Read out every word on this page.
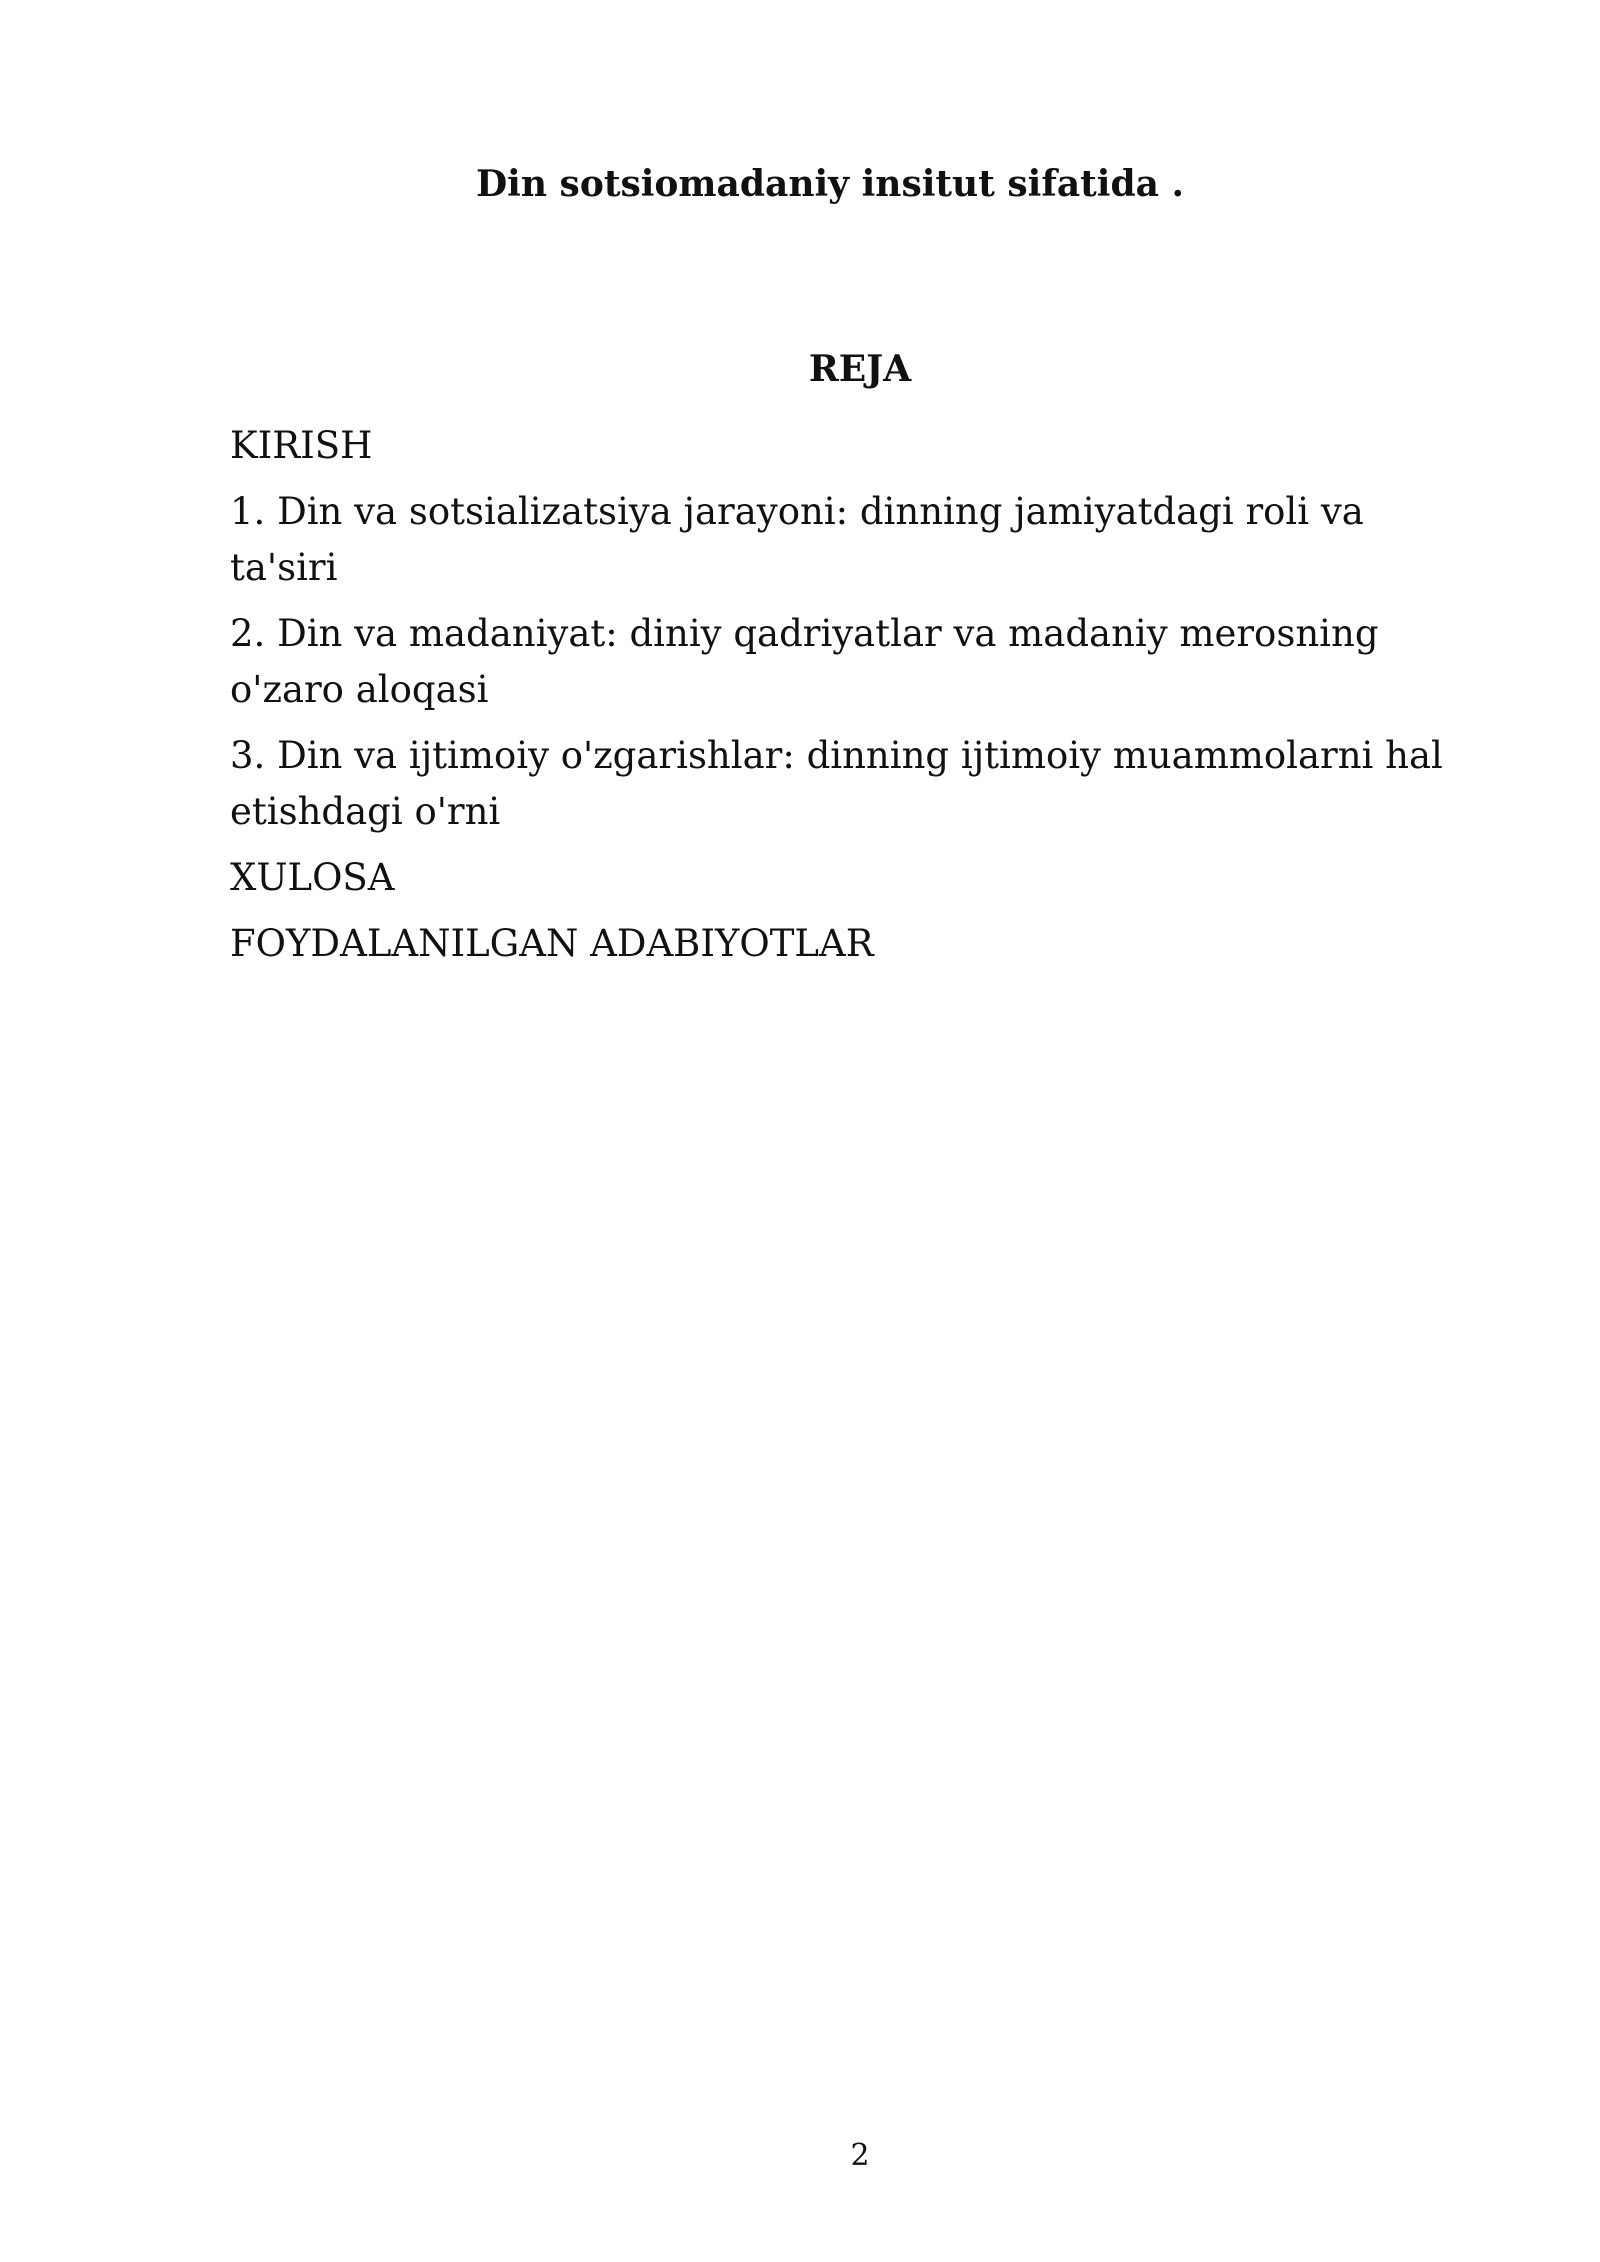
Din sotsiomadaniy insitut sifatida .
REJA
KIRISH
1. Din va sotsializatsiya jarayoni: dinning jamiyatdagi roli va ta'siri
2. Din va madaniyat: diniy qadriyatlar va madaniy merosning o'zaro aloqasi
3. Din va ijtimoiy o'zgarishlar: dinning ijtimoiy muammolarni hal etishdagi o'rni
XULOSA
FOYDALANILGAN ADABIYOTLAR
2
